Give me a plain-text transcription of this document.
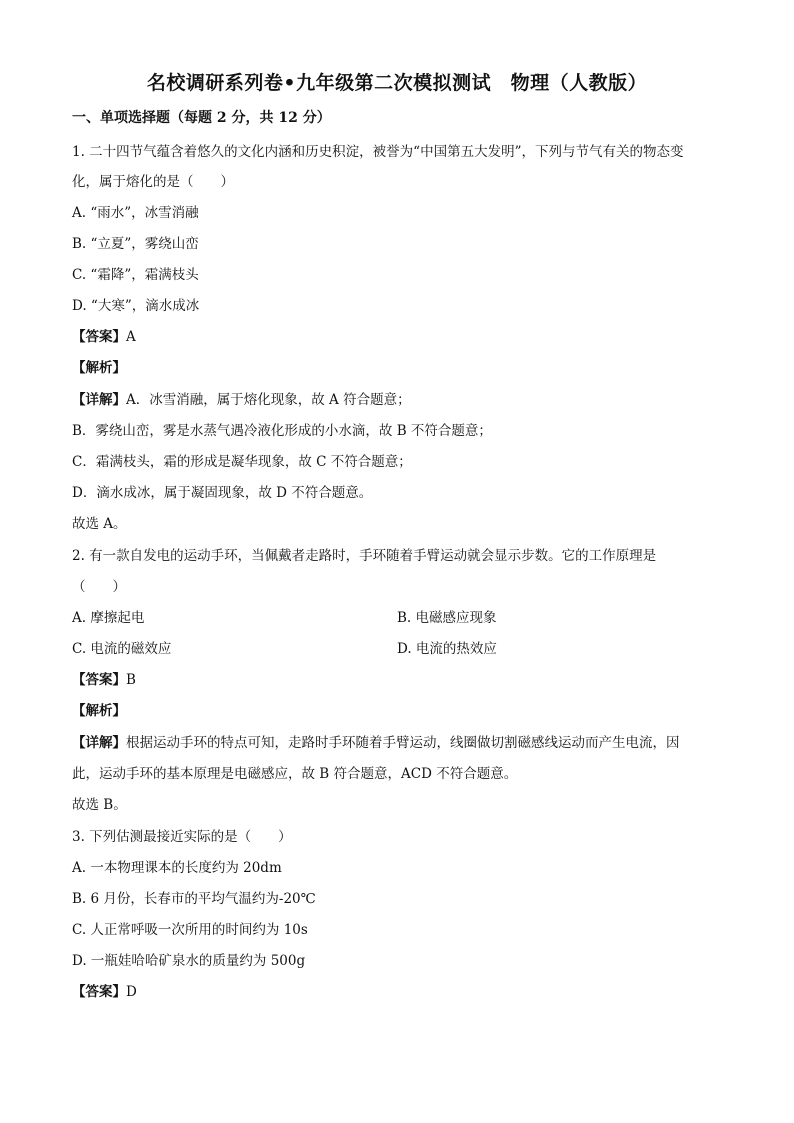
名校调研系列卷•九年级第二次模拟测试　物理（人教版）
一、单项选择题（每题 2 分，共 12 分）
1. 二十四节气蕴含着悠久的文化内涵和历史积淀，被誉为“中国第五大发明”，下列与节气有关的物态变
化，属于熔化的是（　　）
A. “雨水”，冰雪消融
B. “立夏”，雾绕山峦
C. “霜降”，霜满枝头
D. “大寒”，滴水成冰
【答案】A
【解析】
【详解】A．冰雪消融，属于熔化现象，故 A 符合题意；
B．雾绕山峦，雾是水蒸气遇冷液化形成的小水滴，故 B 不符合题意；
C．霜满枝头，霜的形成是凝华现象，故 C 不符合题意；
D．滴水成冰，属于凝固现象，故 D 不符合题意。
故选 A。
2. 有一款自发电的运动手环，当佩戴者走路时，手环随着手臂运动就会显示步数。它的工作原理是
（　　）
A. 摩擦起电	B. 电磁感应现象
C. 电流的磁效应	D. 电流的热效应
【答案】B
【解析】
【详解】根据运动手环的特点可知，走路时手环随着手臂运动，线圈做切割磁感线运动而产生电流，因
此，运动手环的基本原理是电磁感应，故 B 符合题意，ACD 不符合题意。
故选 B。
3. 下列估测最接近实际的是（　　）
A. 一本物理课本的长度约为 20dm
B. 6 月份，长春市的平均气温约为-20℃
C. 人正常呼吸一次所用的时间约为 10s
D. 一瓶娃哈哈矿泉水的质量约为 500g
【答案】D
